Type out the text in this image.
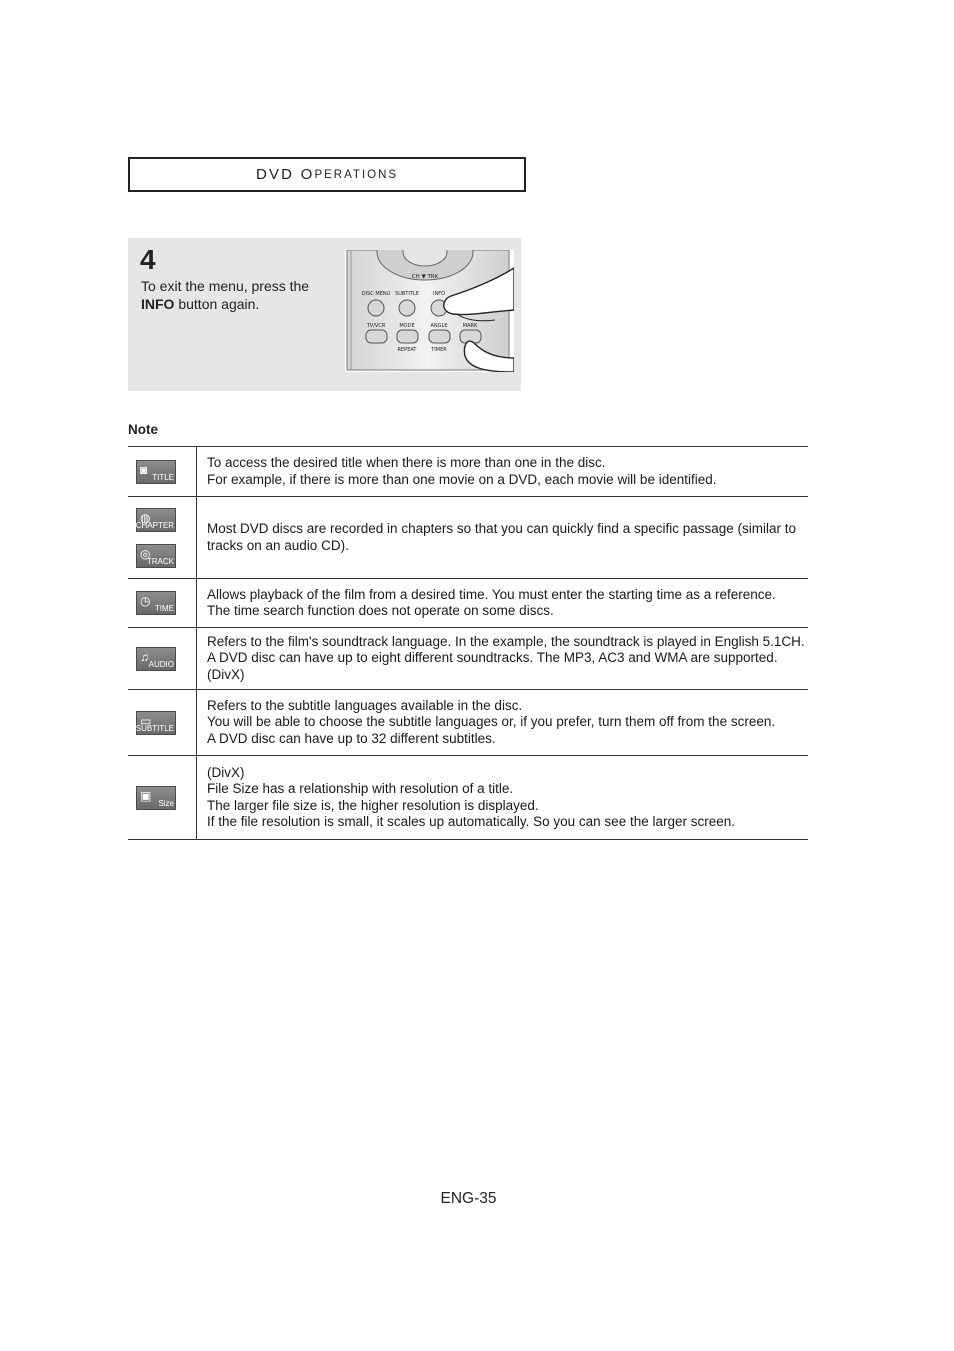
DVD O PERATIONS
4
To exit the menu, press the
INFO button again.
CH ▼ TRK
DISC MENU SUBTITLE	INFO
TV/VCR	MODE	ANGLE	MARK
REPEAT	TIMER
Note
◙
TITLE	To access the desired title when there is more than one in the disc.
For example, if there is more than one movie on a DVD, each movie will be identified.

◍
CHAPTER
◎
TRACK	Most DVD discs are recorded in chapters so that you can quickly find a specific passage (similar to
tracks on an audio CD).

◷
TIME	Allows playback of the film from a desired time. You must enter the starting time as a reference.
The time search function does not operate on some discs.

♫
AUDIO	Refers to the film's soundtrack language. In the example, the soundtrack is played in English 5.1CH.
A DVD disc can have up to eight different soundtracks. The MP3, AC3 and WMA are supported.
(DivX)

▭
SUBTITLE	Refers to the subtitle languages available in the disc.
You will be able to choose the subtitle languages or, if you prefer, turn them off from the screen.
A DVD disc can have up to 32 different subtitles.

▣
Size	(DivX)
File Size has a relationship with resolution of a title.
The larger file size is, the higher resolution is displayed.
If the file resolution is small, it scales up automatically. So you can see the larger screen.
ENG-35
